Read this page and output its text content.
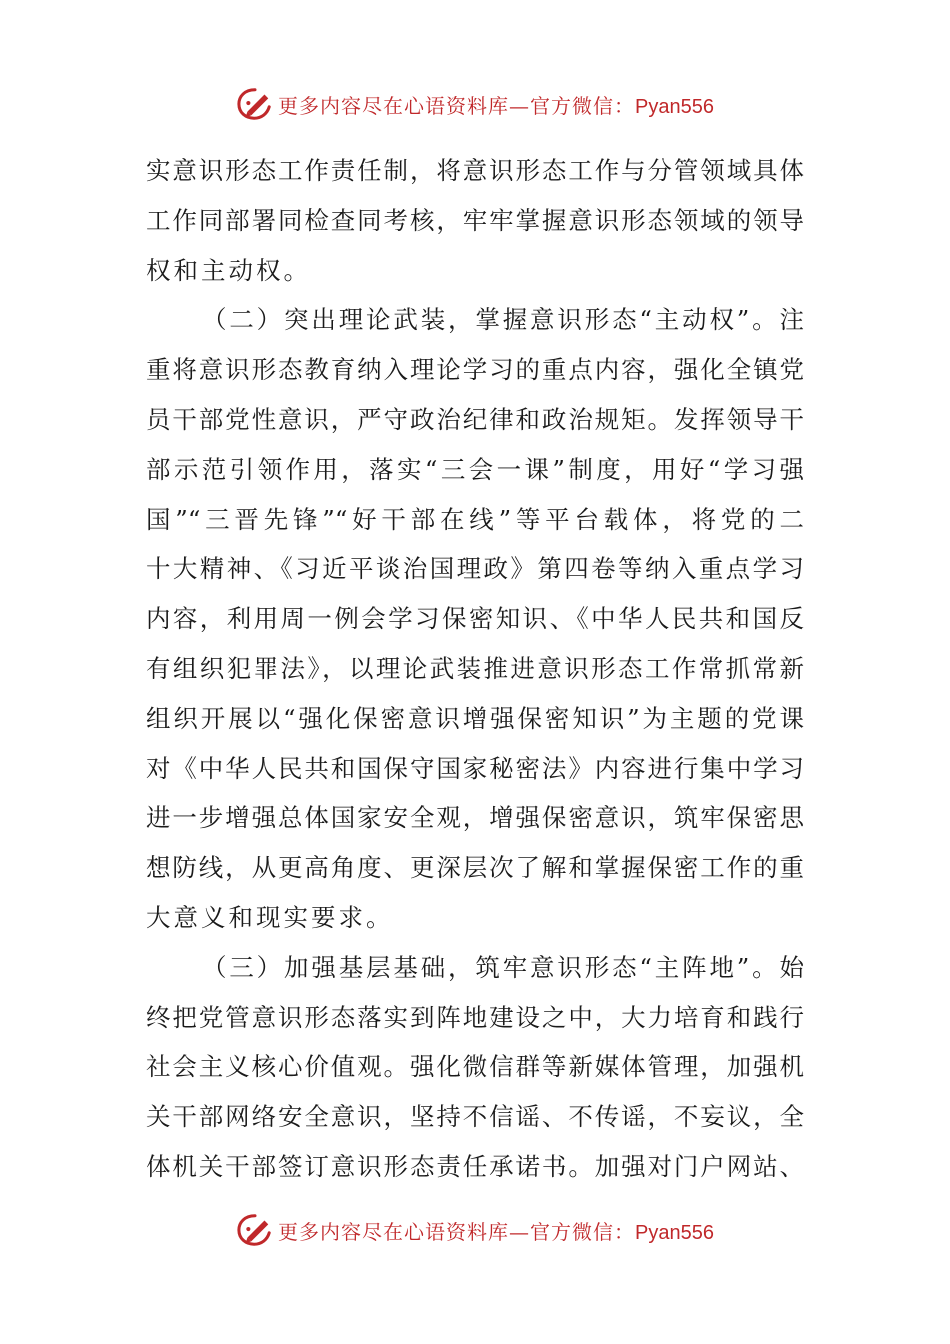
更多内容尽在心语资料库—官方微信：Pyan556
实意识形态工作责任制，将意识形态工作与分管领域具体
工作同部署同检查同考核，牢牢掌握意识形态领域的领导
权和主动权。
（二）突出理论武装，掌握意识形态“主动权”。注
重将意识形态教育纳入理论学习的重点内容，强化全镇党
员干部党性意识，严守政治纪律和政治规矩。发挥领导干
部示范引领作用，落实“三会一课”制度，用好“学习强
国”“三晋先锋”“好干部在线”等平台载体，将党的二
十大精神、《习近平谈治国理政》第四卷等纳入重点学习
内容，利用周一例会学习保密知识、《中华人民共和国反
有组织犯罪法》，以理论武装推进意识形态工作常抓常新
组织开展以“强化保密意识增强保密知识”为主题的党课
对《中华人民共和国保守国家秘密法》内容进行集中学习
进一步增强总体国家安全观，增强保密意识，筑牢保密思
想防线，从更高角度、更深层次了解和掌握保密工作的重
大意义和现实要求。
（三）加强基层基础，筑牢意识形态“主阵地”。始
终把党管意识形态落实到阵地建设之中，大力培育和践行
社会主义核心价值观。强化微信群等新媒体管理，加强机
关干部网络安全意识，坚持不信谣、不传谣，不妄议，全
体机关干部签订意识形态责任承诺书。加强对门户网站、
更多内容尽在心语资料库—官方微信：Pyan556
